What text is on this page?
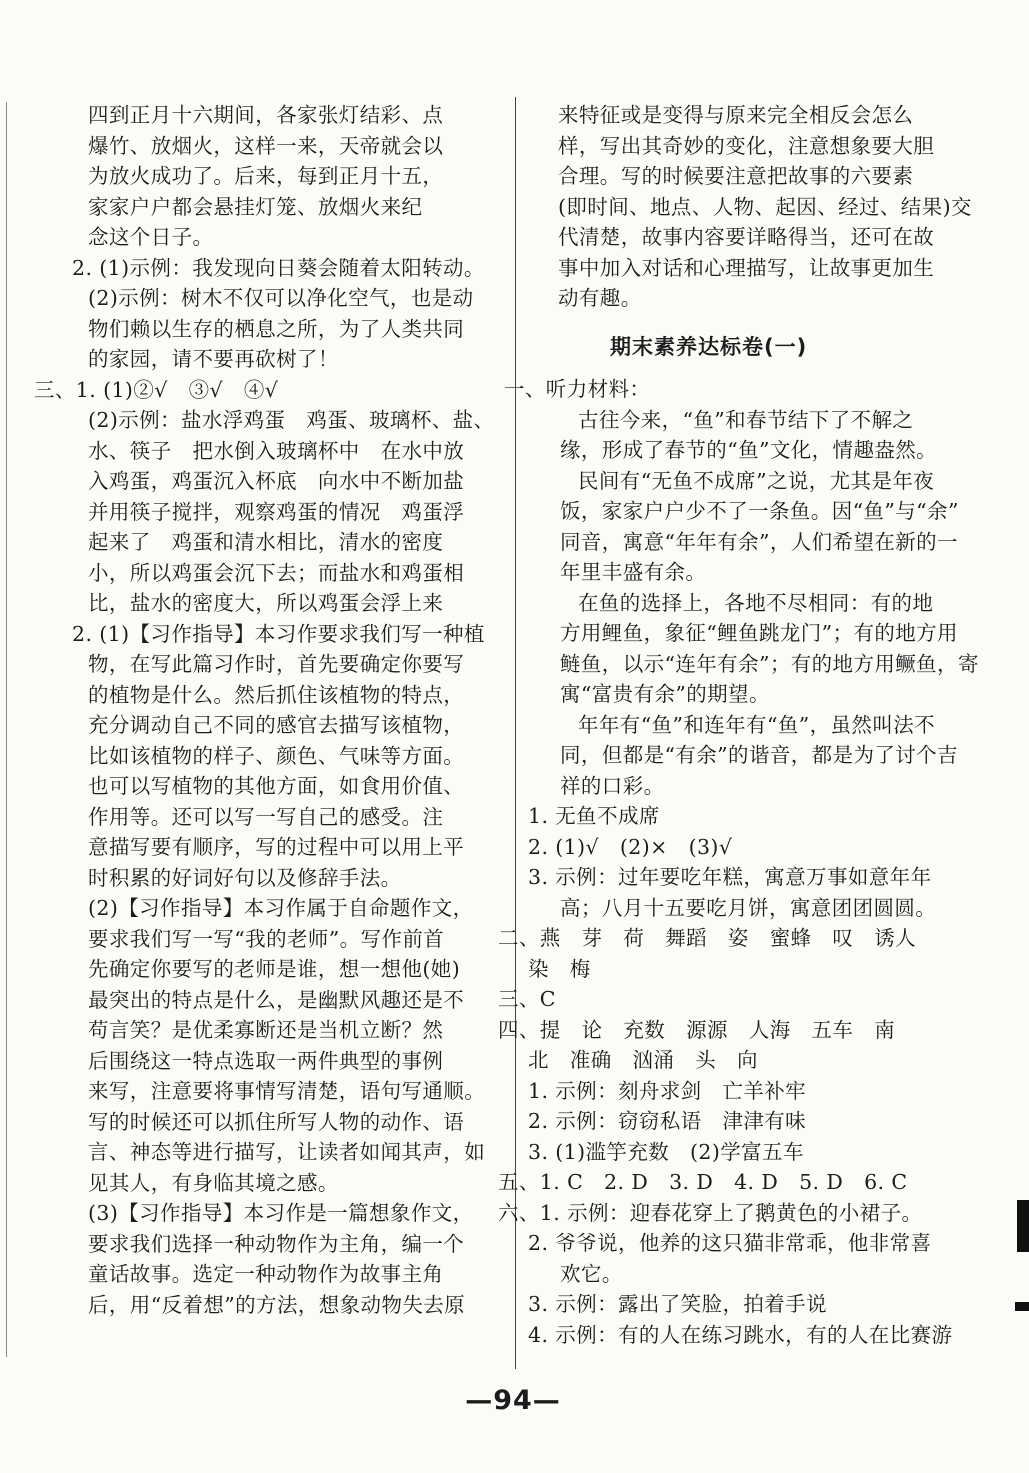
四到正月十六期间，各家张灯结彩、点
爆竹、放烟火，这样一来，天帝就会以
为放火成功了。后来，每到正月十五，
家家户户都会悬挂灯笼、放烟火来纪
念这个日子。
2. (1)示例：我发现向日葵会随着太阳转动。
(2)示例：树木不仅可以净化空气，也是动
物们赖以生存的栖息之所，为了人类共同
的家园，请不要再砍树了！
三、1. (1)②√　③√　④√
(2)示例：盐水浮鸡蛋　鸡蛋、玻璃杯、盐、
水、筷子　把水倒入玻璃杯中　在水中放
入鸡蛋，鸡蛋沉入杯底　向水中不断加盐
并用筷子搅拌，观察鸡蛋的情况　鸡蛋浮
起来了　鸡蛋和清水相比，清水的密度
小，所以鸡蛋会沉下去；而盐水和鸡蛋相
比，盐水的密度大，所以鸡蛋会浮上来
2. (1)【习作指导】本习作要求我们写一种植
物，在写此篇习作时，首先要确定你要写
的植物是什么。然后抓住该植物的特点，
充分调动自己不同的感官去描写该植物，
比如该植物的样子、颜色、气味等方面。
也可以写植物的其他方面，如食用价值、
作用等。还可以写一写自己的感受。注
意描写要有顺序，写的过程中可以用上平
时积累的好词好句以及修辞手法。
(2)【习作指导】本习作属于自命题作文，
要求我们写一写“我的老师”。写作前首
先确定你要写的老师是谁，想一想他(她)
最突出的特点是什么，是幽默风趣还是不
苟言笑？是优柔寡断还是当机立断？然
后围绕这一特点选取一两件典型的事例
来写，注意要将事情写清楚，语句写通顺。
写的时候还可以抓住所写人物的动作、语
言、神态等进行描写，让读者如闻其声，如
见其人，有身临其境之感。
(3)【习作指导】本习作是一篇想象作文，
要求我们选择一种动物作为主角，编一个
童话故事。选定一种动物作为故事主角
后，用“反着想”的方法，想象动物失去原
期末素养达标卷(一)
来特征或是变得与原来完全相反会怎么
样，写出其奇妙的变化，注意想象要大胆
合理。写的时候要注意把故事的六要素
(即时间、地点、人物、起因、经过、结果)交
代清楚，故事内容要详略得当，还可在故
事中加入对话和心理描写，让故事更加生
动有趣。
一、听力材料：
古往今来，“鱼”和春节结下了不解之
缘，形成了春节的“鱼”文化，情趣盎然。
民间有“无鱼不成席”之说，尤其是年夜
饭，家家户户少不了一条鱼。因“鱼”与“余”
同音，寓意“年年有余”，人们希望在新的一
年里丰盛有余。
在鱼的选择上，各地不尽相同：有的地
方用鲤鱼，象征“鲤鱼跳龙门”；有的地方用
鲢鱼，以示“连年有余”；有的地方用鳜鱼，寄
寓“富贵有余”的期望。
年年有“鱼”和连年有“鱼”，虽然叫法不
同，但都是“有余”的谐音，都是为了讨个吉
祥的口彩。
1. 无鱼不成席
2. (1)√　(2)×　(3)√
3. 示例：过年要吃年糕，寓意万事如意年年
高；八月十五要吃月饼，寓意团团圆圆。
二、燕　芽　荷　舞蹈　姿　蜜蜂　叹　诱人
染　梅
三、C
四、提　论　充数　源源　人海　五车　南
北　准确　汹涌　头　向
1. 示例：刻舟求剑　亡羊补牢
2. 示例：窃窃私语　津津有味
3. (1)滥竽充数　(2)学富五车
五、1. C　2. D　3. D　4. D　5. D　6. C
六、1. 示例：迎春花穿上了鹅黄色的小裙子。
2. 爷爷说，他养的这只猫非常乖，他非常喜
欢它。
3. 示例：露出了笑脸，拍着手说
4. 示例：有的人在练习跳水，有的人在比赛游
—94—
